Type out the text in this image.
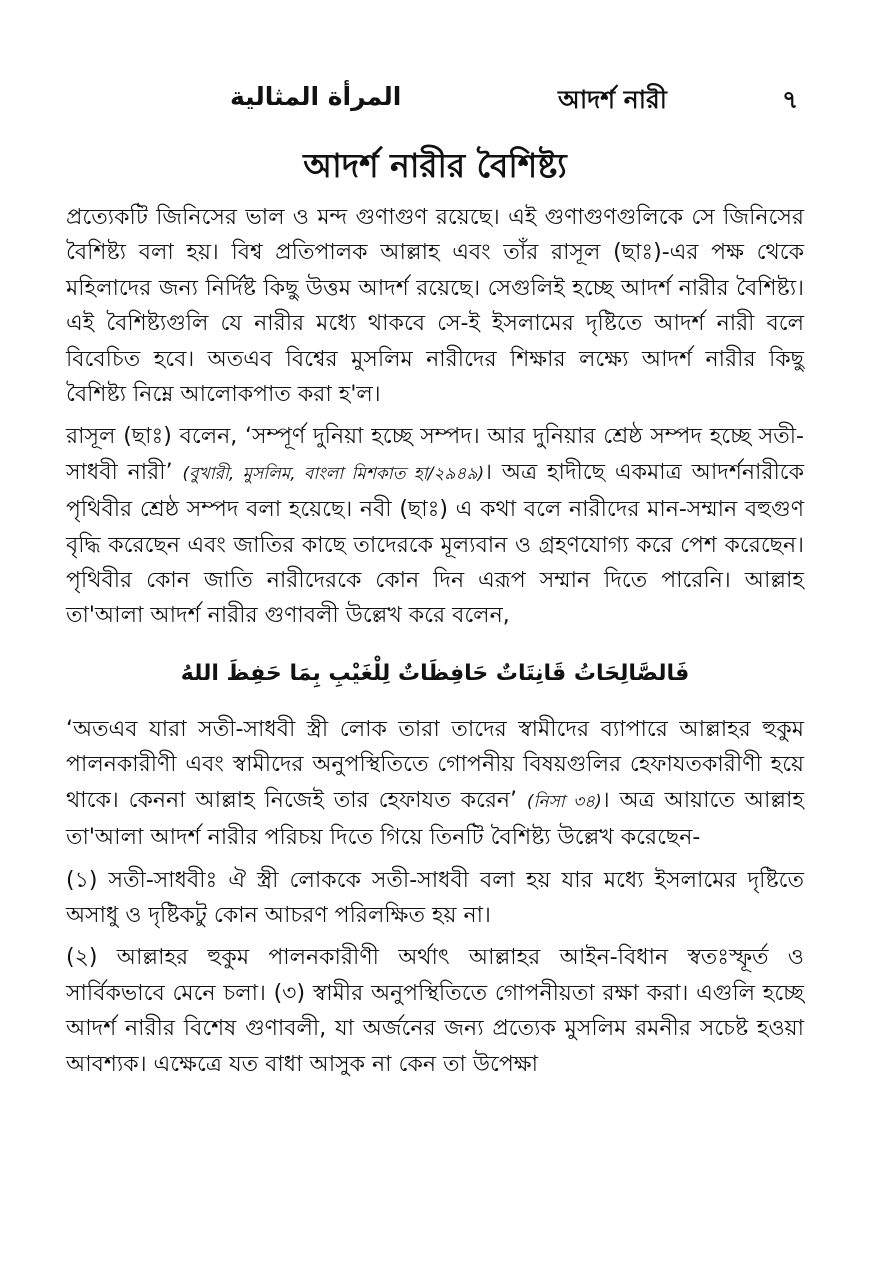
المرأة المثالية	আদর্শ নারী	৭
আদর্শ নারীর বৈশিষ্ট্য

প্রত্যেকটি জিনিসের ভাল ও মন্দ গুণাগুণ রয়েছে। এই গুণাগুণগুলিকে সে জিনিসের বৈশিষ্ট্য বলা হয়। বিশ্ব প্রতিপালক আল্লাহ এবং তাঁর রাসূল (ছাঃ)-এর পক্ষ থেকে মহিলাদের জন্য নির্দিষ্ট কিছু উত্তম আদর্শ রয়েছে। সেগুলিই হচ্ছে আদর্শ নারীর বৈশিষ্ট্য। এই বৈশিষ্ট্যগুলি যে নারীর মধ্যে থাকবে সে-ই ইসলামের দৃষ্টিতে আদর্শ নারী বলে বিবেচিত হবে। অতএব বিশ্বের মুসলিম নারীদের শিক্ষার লক্ষ্যে আদর্শ নারীর কিছু বৈশিষ্ট্য নিম্নে আলোকপাত করা হ'ল।

রাসূল (ছাঃ) বলেন, ‘সম্পূর্ণ দুনিয়া হচ্ছে সম্পদ। আর দুনিয়ার শ্রেষ্ঠ সম্পদ হচ্ছে সতী-সাধবী নারী’ (বুখারী, মুসলিম, বাংলা মিশকাত হা/২৯৪৯)। অত্র হাদীছে একমাত্র আদর্শনারীকে পৃথিবীর শ্রেষ্ঠ সম্পদ বলা হয়েছে। নবী (ছাঃ) এ কথা বলে নারীদের মান-সম্মান বহুগুণ বৃদ্ধি করেছেন এবং জাতির কাছে তাদেরকে মূল্যবান ও গ্রহণযোগ্য করে পেশ করেছেন। পৃথিবীর কোন জাতি নারীদেরকে কোন দিন এরূপ সম্মান দিতে পারেনি। আল্লাহ তা'আলা আদর্শ নারীর গুণাবলী উল্লেখ করে বলেন,

فَالصَّالِحَاتُ قَانِتَاتٌ حَافِظَاتٌ لِلْغَيْبِ بِمَا حَفِظَ اللهُ

‘অতএব যারা সতী-সাধবী স্ত্রী লোক তারা তাদের স্বামীদের ব্যাপারে আল্লাহর হুকুম পালনকারীণী এবং স্বামীদের অনুপস্থিতিতে গোপনীয় বিষয়গুলির হেফাযতকারীণী হয়ে থাকে। কেননা আল্লাহ নিজেই তার হেফাযত করেন’ (নিসা ৩৪)। অত্র আয়াতে আল্লাহ তা'আলা আদর্শ নারীর পরিচয় দিতে গিয়ে তিনটি বৈশিষ্ট্য উল্লেখ করেছেন-

(১) সতী-সাধবীঃ ঐ স্ত্রী লোককে সতী-সাধবী বলা হয় যার মধ্যে ইসলামের দৃষ্টিতে অসাধু ও দৃষ্টিকটু কোন আচরণ পরিলক্ষিত হয় না।

(২) আল্লাহর হুকুম পালনকারীণী অর্থাৎ আল্লাহর আইন-বিধান স্বতঃস্ফূর্ত ও সার্বিকভাবে মেনে চলা। (৩) স্বামীর অনুপস্থিতিতে গোপনীয়তা রক্ষা করা। এগুলি হচ্ছে আদর্শ নারীর বিশেষ গুণাবলী, যা অর্জনের জন্য প্রত্যেক মুসলিম রমনীর সচেষ্ট হওয়া আবশ্যক। এক্ষেত্রে যত বাধা আসুক না কেন তা উপেক্ষা
